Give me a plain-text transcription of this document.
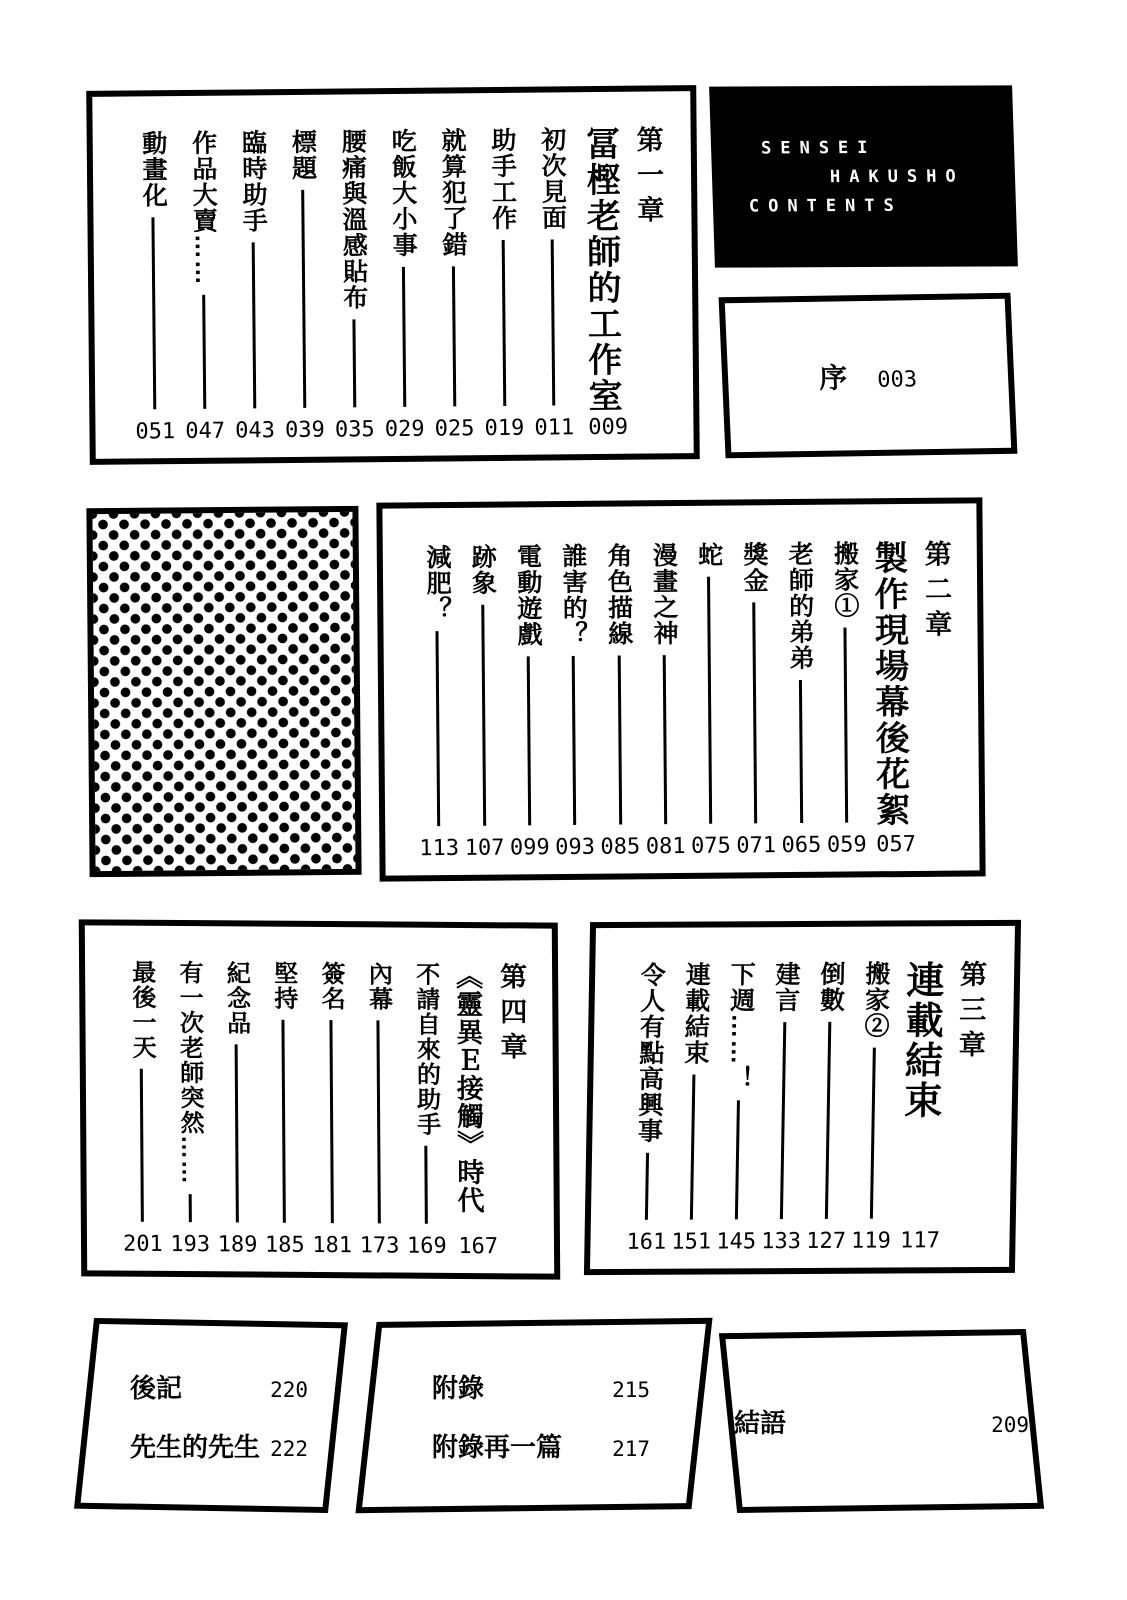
第一章
冨樫老師的工作室
009
初次見面
011
助手工作
019
就算犯了錯
025
吃飯大小事
029
腰痛與溫感貼布
035
標題
039
臨時助手
043
作品大賣……
047
動畫化
051
SENSEI
HAKUSHO
CONTENTS
序 003
第二章
製作現場幕後花絮
057
搬家①
059
老師的弟弟
065
獎金
071
蛇
075
漫畫之神
081
角色描線
085
誰害的？
093
電動遊戲
099
跡象
107
減肥？
113
第四章
《靈異Ｅ接觸》時代
167
不請自來的助手
169
內幕
173
簽名
181
堅持
185
紀念品
189
有一次老師突然……
193
最後一天
201
第三章
連載結束
117
搬家②
119
倒數
127
建言
133
下週……！
145
連載結束
151
令人有點高興事
161
後記	220
先生的先生 222
附錄	215
附錄再一篇 217
結語	209
